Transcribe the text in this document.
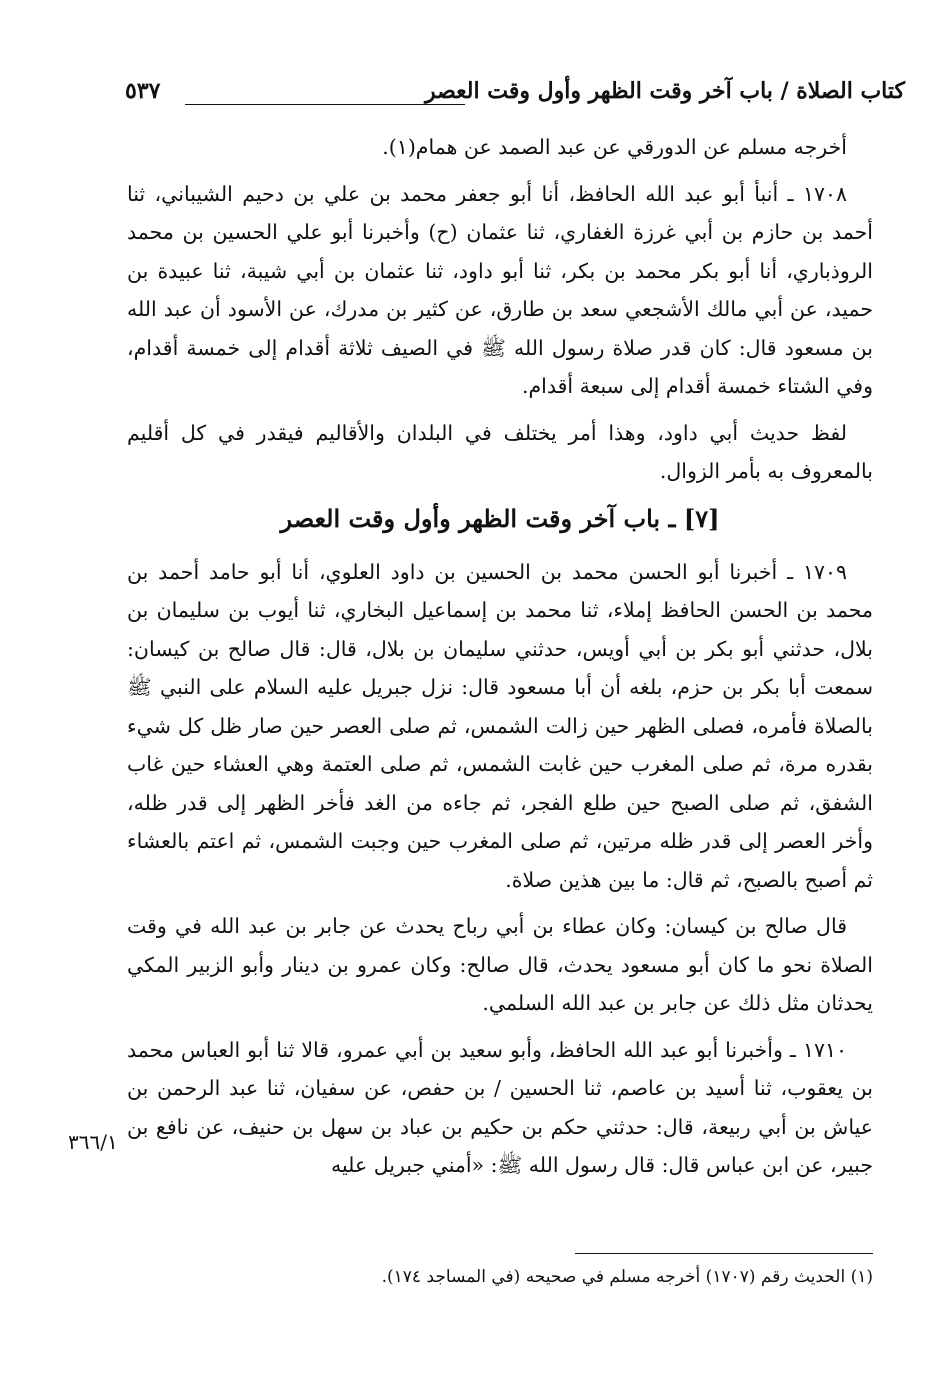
كتاب الصلاة / باب آخر وقت الظهر وأول وقت العصر
٥٣٧

أخرجه مسلم عن الدورقي عن عبد الصمد عن همام(١).

١٧٠٨ ـ أنبأ أبو عبد الله الحافظ، أنا أبو جعفر محمد بن علي بن دحيم الشيباني، ثنا أحمد بن حازم بن أبي غرزة الغفاري، ثنا عثمان (ح) وأخبرنا أبو علي الحسين بن محمد الروذباري، أنا أبو بكر محمد بن بكر، ثنا أبو داود، ثنا عثمان بن أبي شيبة، ثنا عبيدة بن حميد، عن أبي مالك الأشجعي سعد بن طارق، عن كثير بن مدرك، عن الأسود أن عبد الله بن مسعود قال: كان قدر صلاة رسول الله ﷺ في الصيف ثلاثة أقدام إلى خمسة أقدام، وفي الشتاء خمسة أقدام إلى سبعة أقدام.

لفظ حديث أبي داود، وهذا أمر يختلف في البلدان والأقاليم فيقدر في كل أقليم بالمعروف به بأمر الزوال.

[٧] ـ باب آخر وقت الظهر وأول وقت العصر

١٧٠٩ ـ أخبرنا أبو الحسن محمد بن الحسين بن داود العلوي، أنا أبو حامد أحمد بن محمد بن الحسن الحافظ إملاء، ثنا محمد بن إسماعيل البخاري، ثنا أيوب بن سليمان بن بلال، حدثني أبو بكر بن أبي أويس، حدثني سليمان بن بلال، قال: قال صالح بن كيسان: سمعت أبا بكر بن حزم، بلغه أن أبا مسعود قال: نزل جبريل عليه السلام على النبي ﷺ بالصلاة فأمره، فصلى الظهر حين زالت الشمس، ثم صلى العصر حين صار ظل كل شيء بقدره مرة، ثم صلى المغرب حين غابت الشمس، ثم صلى العتمة وهي العشاء حين غاب الشفق، ثم صلى الصبح حين طلع الفجر، ثم جاءه من الغد فأخر الظهر إلى قدر ظله، وأخر العصر إلى قدر ظله مرتين، ثم صلى المغرب حين وجبت الشمس، ثم اعتم بالعشاء ثم أصبح بالصبح، ثم قال: ما بين هذين صلاة.

قال صالح بن كيسان: وكان عطاء بن أبي رباح يحدث عن جابر بن عبد الله في وقت الصلاة نحو ما كان أبو مسعود يحدث، قال صالح: وكان عمرو بن دينار وأبو الزبير المكي يحدثان مثل ذلك عن جابر بن عبد الله السلمي.

١٧١٠ ـ وأخبرنا أبو عبد الله الحافظ، وأبو سعيد بن أبي عمرو، قالا ثنا أبو العباس محمد بن يعقوب، ثنا أسيد بن عاصم، ثنا الحسين / بن حفص، عن سفيان، ثنا عبد الرحمن بن عياش بن أبي ربيعة، قال: حدثني حكم بن حكيم بن عباد بن سهل بن حنيف، عن نافع بن جبير، عن ابن عباس قال: قال رسول الله ﷺ: «أمني جبريل عليه

٣٦٦/١
(١) الحديث رقم (١٧٠٧) أخرجه مسلم في صحيحه (في المساجد ١٧٤).
